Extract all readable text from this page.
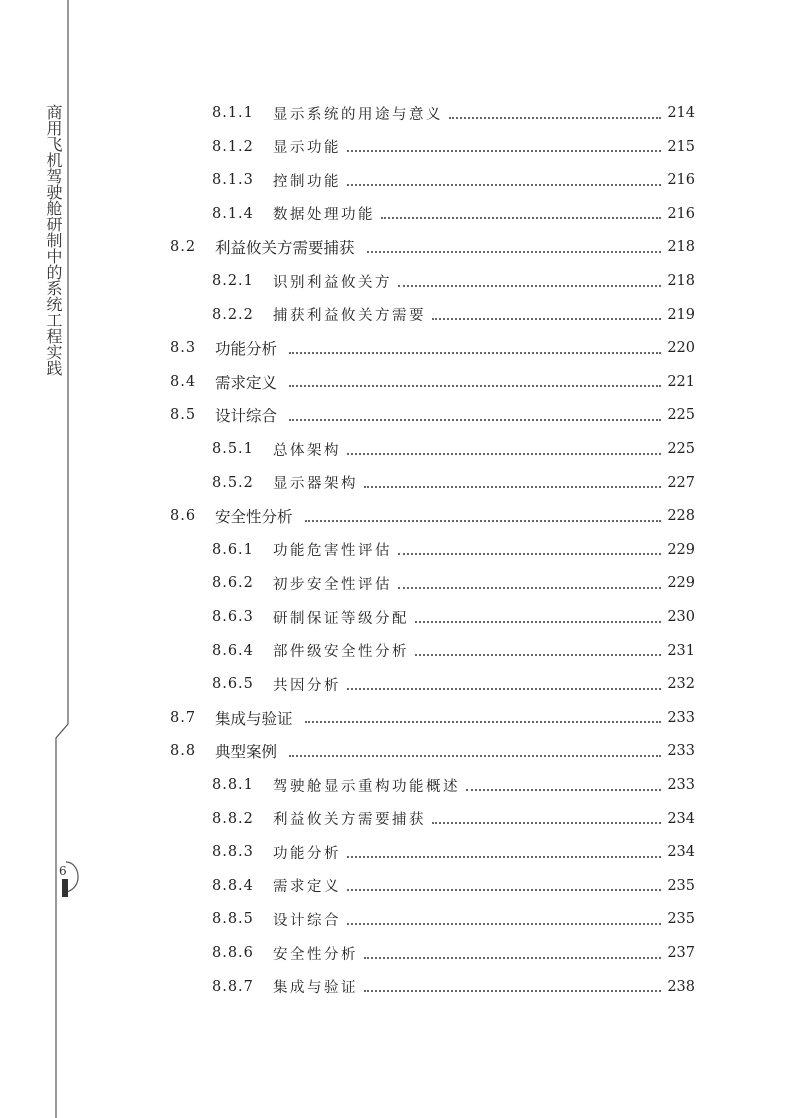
商用飞机驾驶舱研制中的系统工程实践
6
8.1.1	显示系统的用途与意义	214
8.1.2	显示功能	215
8.1.3	控制功能	216
8.1.4	数据处理功能	216
8.2	利益攸关方需要捕获	218
8.2.1	识别利益攸关方	218
8.2.2	捕获利益攸关方需要	219
8.3	功能分析	220
8.4	需求定义	221
8.5	设计综合	225
8.5.1	总体架构	225
8.5.2	显示器架构	227
8.6	安全性分析	228
8.6.1	功能危害性评估	229
8.6.2	初步安全性评估	229
8.6.3	研制保证等级分配	230
8.6.4	部件级安全性分析	231
8.6.5	共因分析	232
8.7	集成与验证	233
8.8	典型案例	233
8.8.1	驾驶舱显示重构功能概述	233
8.8.2	利益攸关方需要捕获	234
8.8.3	功能分析	234
8.8.4	需求定义	235
8.8.5	设计综合	235
8.8.6	安全性分析	237
8.8.7	集成与验证	238
